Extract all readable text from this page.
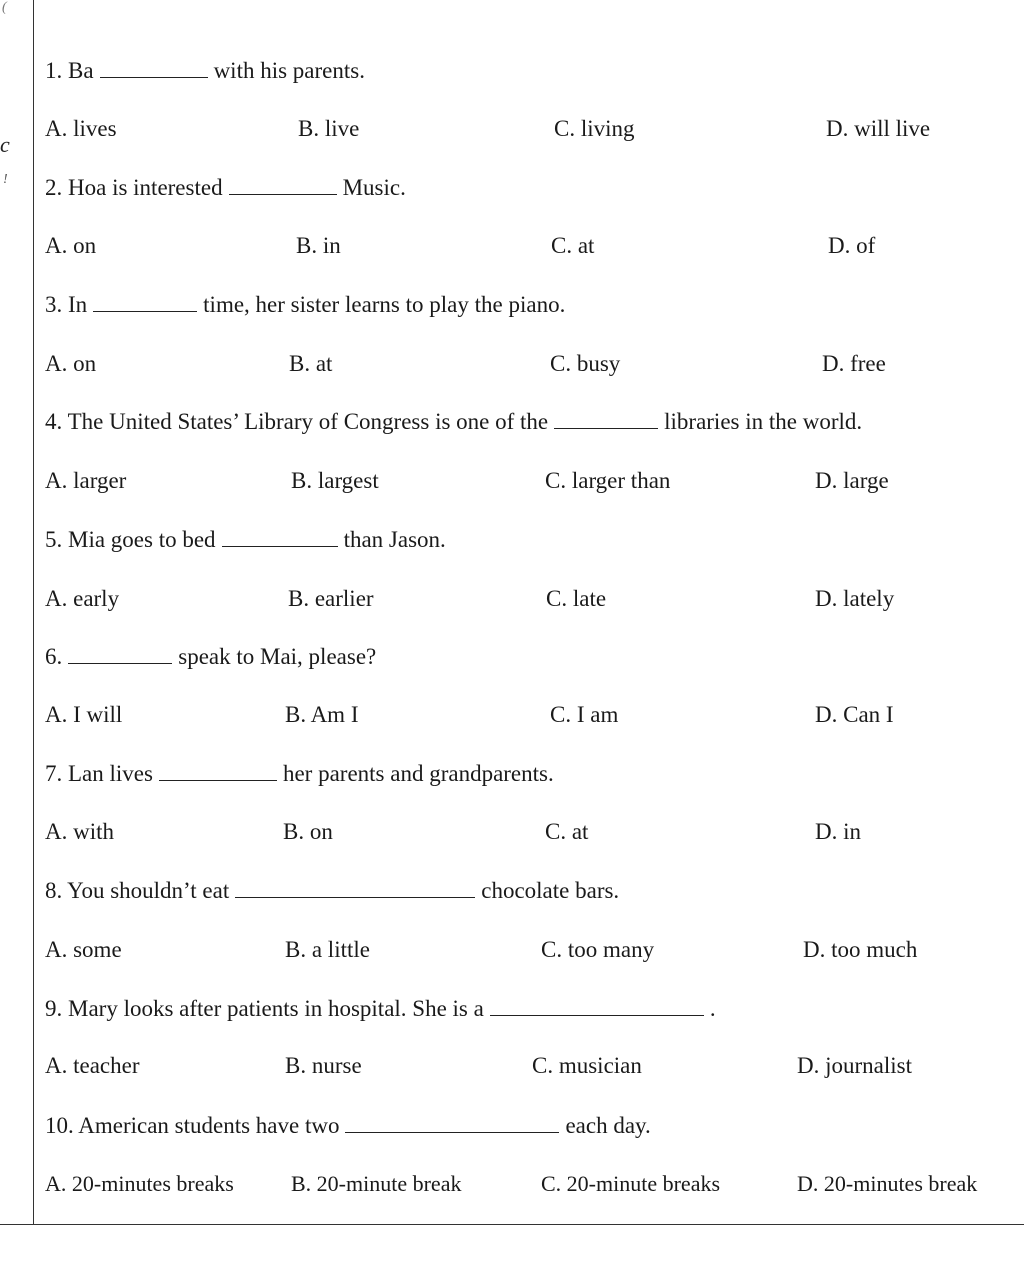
(
c
!
1. Ba	with his parents.
A. lives	B. live	C. living	D. will live
2. Hoa is interested	Music.
A. on	B. in	C. at	D. of
3. In	time, her sister learns to play the piano.
A. on	B. at	C. busy	D. free
4. The United States’ Library of Congress is one of the	libraries in the world.
A. larger	B. largest	C. larger than	D. large
5. Mia goes to bed	than Jason.
A. early	B. earlier	C. late	D. lately
6.	speak to Mai, please?
A. I will	B. Am I	C. I am	D. Can I
7. Lan lives	her parents and grandparents.
A. with	B. on	C. at	D. in
8. You shouldn’t eat	chocolate bars.
A. some	B. a little	C. too many	D. too much
9. Mary looks after patients in hospital. She is a	.
A. teacher	B. nurse	C. musician	D. journalist
10. American students have two	each day.
A. 20-minutes breaks	B. 20-minute break	C. 20-minute breaks	D. 20-minutes break
